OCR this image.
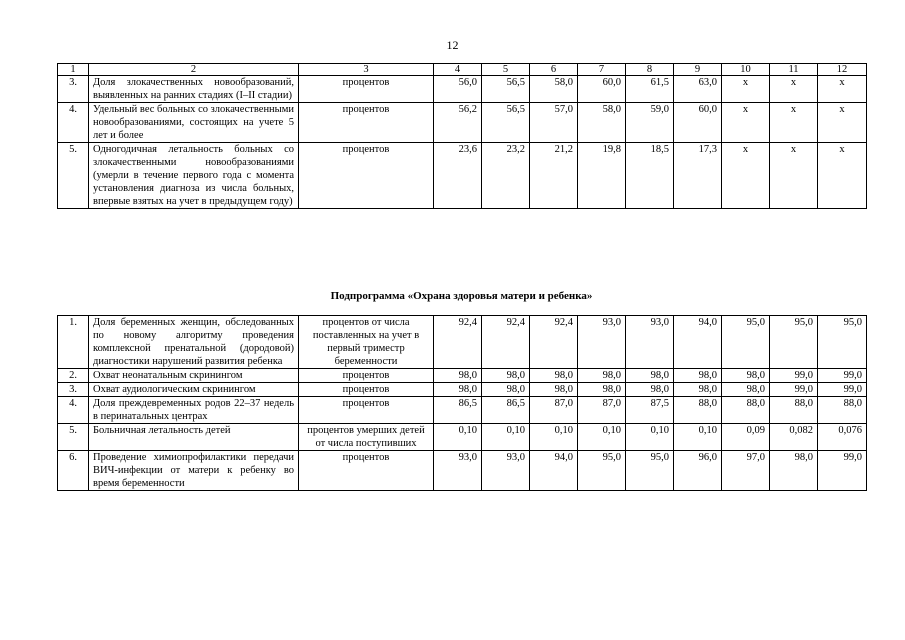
12
1	2	3	4	5	6	7	8	9	10	11	12
3.	Доля злокачественных новообразований, выявленных на ранних стадиях (I–II стадии)	процентов	56,0	56,5	58,0	60,0	61,5	63,0	х	х	х
4.	Удельный вес больных со злокачественными новообразованиями, состоящих на учете 5 лет и более	процентов	56,2	56,5	57,0	58,0	59,0	60,0	х	х	х
5.	Одногодичная летальность больных со злокачественными новообразованиями (умерли в течение первого года с момента установления диагноза из числа больных, впервые взятых на учет в предыдущем году)	процентов	23,6	23,2	21,2	19,8	18,5	17,3	х	х	х
Подпрограмма «Охрана здоровья матери и ребенка»
1.	Доля беременных женщин, обследованных по новому алгоритму проведения комплексной пренатальной (дородовой) диагностики нарушений развития ребенка	процентов от числа поставленных на учет в первый триместр беременности	92,4	92,4	92,4	93,0	93,0	94,0	95,0	95,0	95,0
2.	Охват неонатальным скринингом	процентов	98,0	98,0	98,0	98,0	98,0	98,0	98,0	99,0	99,0
3.	Охват аудиологическим скринингом	процентов	98,0	98,0	98,0	98,0	98,0	98,0	98,0	99,0	99,0
4.	Доля преждевременных родов 22–37 недель в перинатальных центрах	процентов	86,5	86,5	87,0	87,0	87,5	88,0	88,0	88,0	88,0
5.	Больничная летальность детей	процентов умерших детей от числа поступивших	0,10	0,10	0,10	0,10	0,10	0,10	0,09	0,082	0,076
6.	Проведение химиопрофилактики передачи ВИЧ-инфекции от матери к ребенку во время беременности	процентов	93,0	93,0	94,0	95,0	95,0	96,0	97,0	98,0	99,0
